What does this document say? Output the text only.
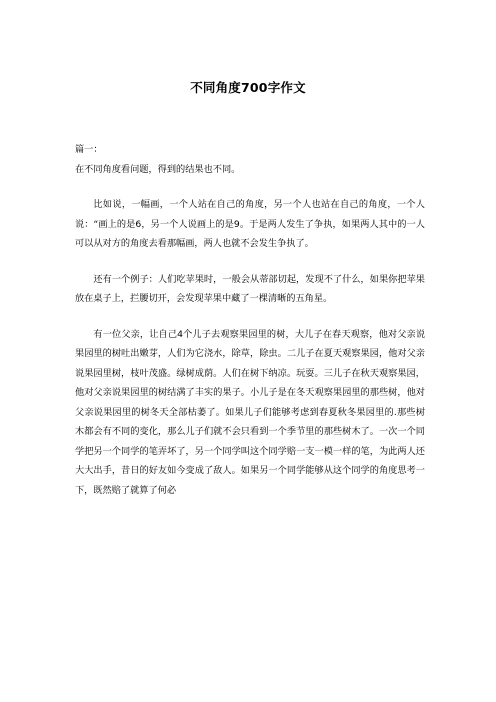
不同角度700字作文

篇一：

在不同角度看问题，得到的结果也不同。

比如说，一幅画，一个人站在自己的角度，另一个人也站在自己的角度，一个人说：“画上的是6，另一个人说画上的是9。于是两人发生了争执，如果两人其中的一人可以从对方的角度去看那幅画，两人也就不会发生争执了。

还有一个例子：人们吃苹果时，一般会从蒂部切起，发现不了什么，如果你把苹果放在桌子上，拦腰切开，会发现苹果中藏了一棵清晰的五角星。

有一位父亲，让自己4个儿子去观察果园里的树，大儿子在春天观察，他对父亲说果园里的树吐出嫩芽，人们为它浇水，除草，除虫。二儿子在夏天观察果园，他对父亲说果园里树，枝叶茂盛。绿树成荫。人们在树下纳凉。玩耍。三儿子在秋天观察果园，他对父亲说果园里的树结满了丰实的果子。小儿子是在冬天观察果园里的那些树，他对父亲说果园里的树冬天全部枯萎了。如果儿子们能够考虑到春夏秋冬果园里的.那些树木都会有不同的变化，那么儿子们就不会只看到一个季节里的那些树木了。一次一个同学把另一个同学的笔弄坏了，另一个同学叫这个同学赔一支一模一样的笔，为此两人还大大出手，昔日的好友如今变成了敌人。如果另一个同学能够从这个同学的角度思考一下，既然赔了就算了何必
